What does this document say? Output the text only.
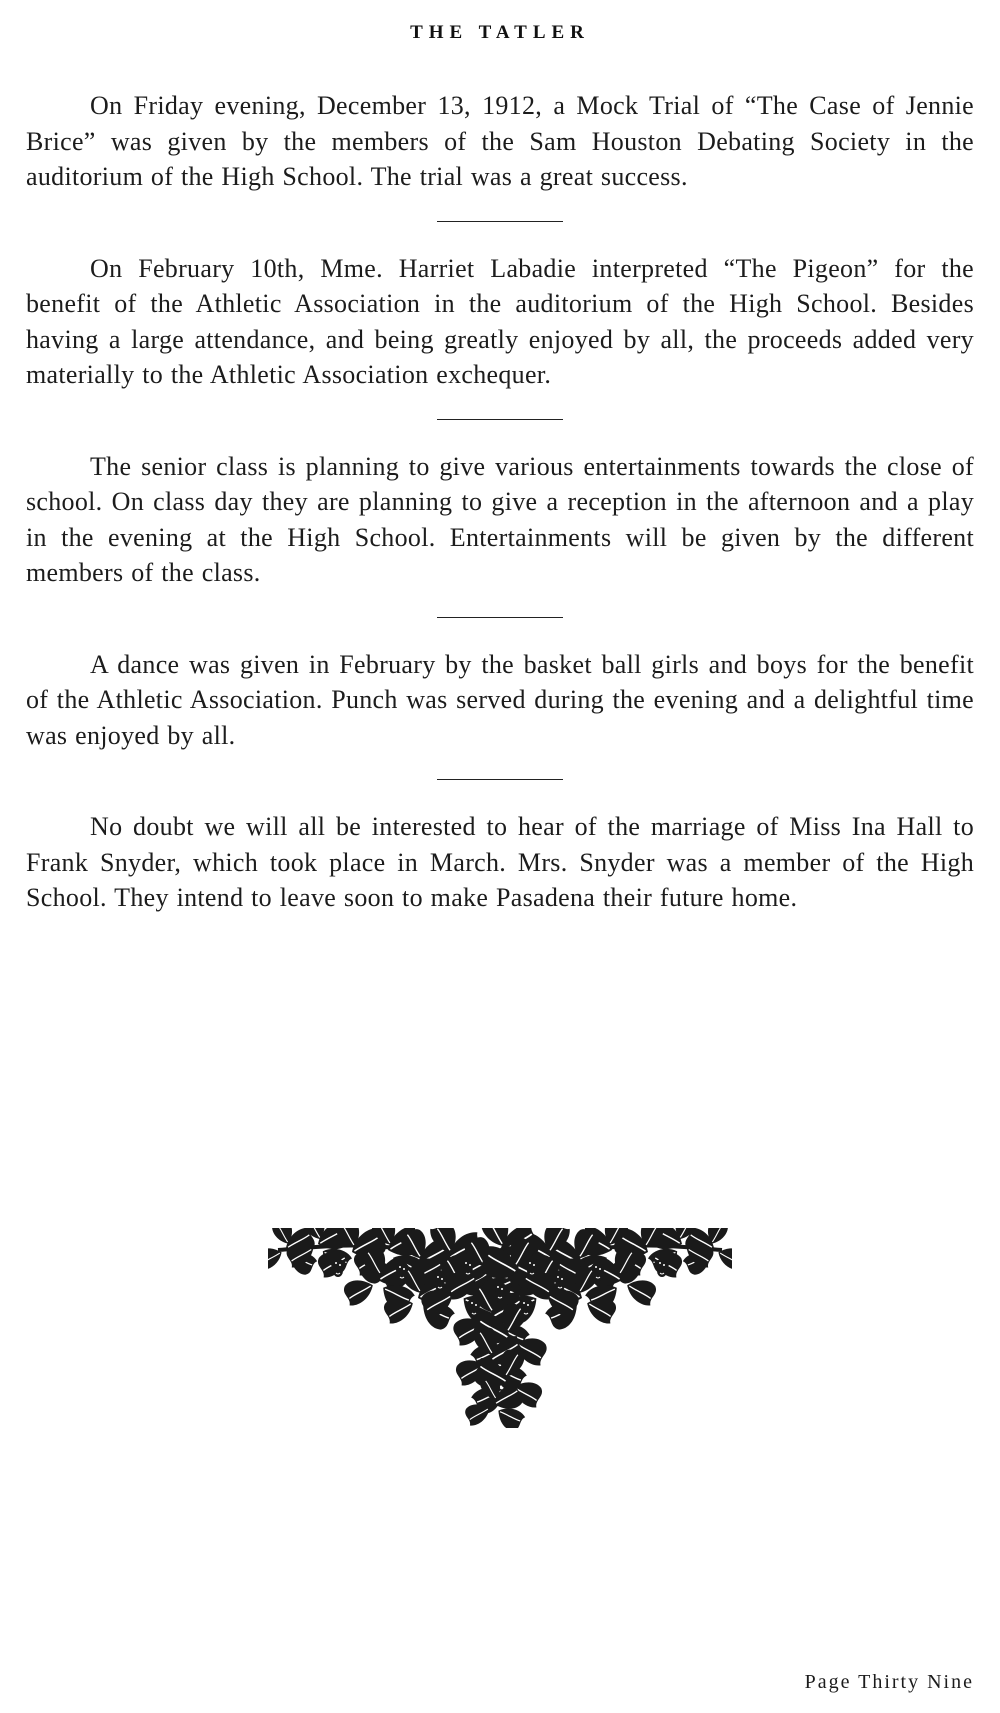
THE TATLER

On Friday evening, December 13, 1912, a Mock Trial of “The Case of Jennie Brice” was given by the members of the Sam Houston Debating Society in the auditorium of the High School. The trial was a great success.

On February 10th, Mme. Harriet Labadie interpreted “The Pigeon” for the benefit of the Athletic Association in the auditorium of the High School. Besides having a large attendance, and being greatly enjoyed by all, the proceeds added very materially to the Athletic Association exchequer.

The senior class is planning to give various entertainments towards the close of school. On class day they are planning to give a reception in the afternoon and a play in the evening at the High School. Entertainments will be given by the different members of the class.

A dance was given in February by the basket ball girls and boys for the benefit of the Athletic Association. Punch was served during the evening and a delightful time was enjoyed by all.

No doubt we will all be interested to hear of the marriage of Miss Ina Hall to Frank Snyder, which took place in March. Mrs. Snyder was a member of the High School. They intend to leave soon to make Pasadena their future home.

Page Thirty Nine
